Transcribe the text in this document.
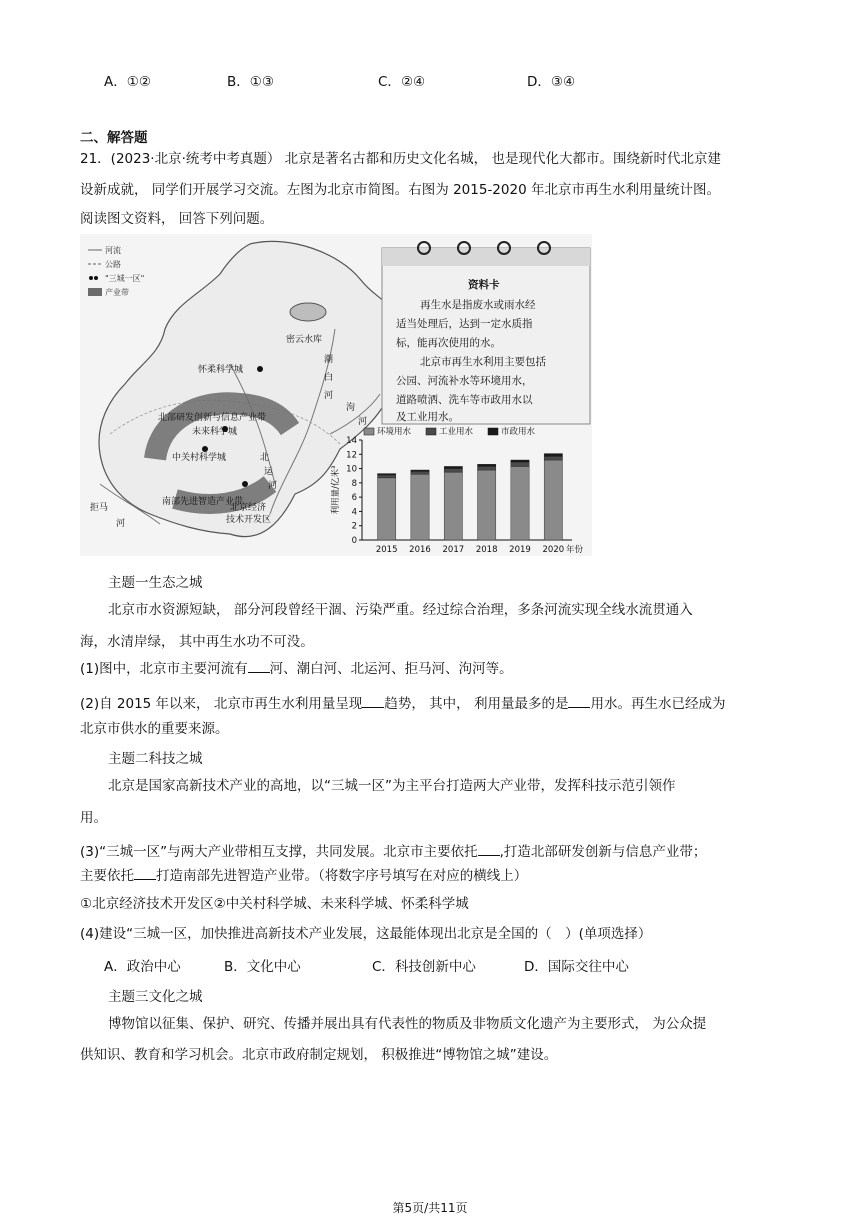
A．①②	B．①③	C．②④	D．③④
二、解答题
21．(2023·北京·统考中考真题） 北京是著名古都和历史文化名城， 也是现代化大都市。围绕新时代北京建
设新成就， 同学们开展学习交流。左图为北京市简图。右图为 2015-2020 年北京市再生水利用量统计图。
阅读图文资料， 回答下列问题。
密云水库
怀柔科学城
潮
白
河
北部研发创新与信息产业带
未来科学城
中关村科学城	北
运
河
泃
河
南部先进智造产业带
北京经济
技术开发区
拒马
河
河流
公路
"三城一区"
产业带
资料卡
再生水是指废水或雨水经
适当处理后，达到一定水质指
标，能再次使用的水。
北京市再生水利用主要包括
公园、河流补水等环境用水，
道路喷洒、洗车等市政用水以
及工业用水。
0
2
4
6
8
10
12
14
利用量/亿米³
环境用水	工业用水	市政用水
2015 2016 2017 2018 2019 2020 年份
主题一生态之城
北京市水资源短缺， 部分河段曾经干涸、污染严重。经过综合治理，多条河流实现全线水流贯通入
海，水清岸绿， 其中再生水功不可没。
(1)图中，北京市主要河流有 河、潮白河、北运河、拒马河、泃河等。
(2)自 2015 年以来， 北京市再生水利用量呈现 趋势， 其中， 利用量最多的是 用水。再生水已经成为
北京市供水的重要来源。
主题二科技之城
北京是国家高新技术产业的高地，以“三城一区”为主平台打造两大产业带，发挥科技示范引领作
用。
(3)“三城一区”与两大产业带相互支撑，共同发展。北京市主要依托 ,打造北部研发创新与信息产业带；
主要依托 打造南部先进智造产业带。（将数字序号填写在对应的横线上）
①北京经济技术开发区②中关村科学城、未来科学城、怀柔科学城
(4)建设“三城一区，加快推进高新技术产业发展，这最能体现出北京是全国的（　）(单项选择）
A．政治中心	B．文化中心	C．科技创新中心	D．国际交往中心
主题三文化之城
博物馆以征集、保护、研究、传播并展出具有代表性的物质及非物质文化遗产为主要形式， 为公众提
供知识、教育和学习机会。北京市政府制定规划， 积极推进“博物馆之城”建设。
第5页/共11页
